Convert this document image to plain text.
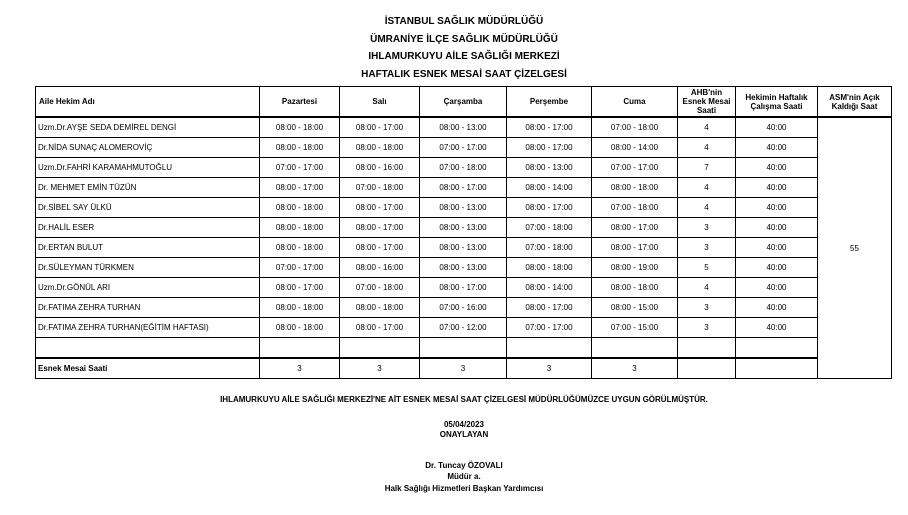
İSTANBUL SAĞLIK MÜDÜRLÜĞÜ
ÜMRANİYE İLÇE SAĞLIK MÜDÜRLÜĞÜ
IHLAMURKUYU AİLE SAĞLIĞI MERKEZİ
HAFTALIK ESNEK MESAİ SAAT ÇİZELGESİ
Aile Hekim Adı	Pazartesi	Salı	Çarşamba	Perşembe	Cuma	AHB'nin Esnek Mesai Saati	Hekimin Haftalık Çalışma Saati	ASM'nin Açık Kaldığı Saat
Uzm.Dr.AYŞE SEDA DEMİREL DENGİ	08:00 - 18:00	08:00 - 17:00	08:00 - 13:00	08:00 - 17:00	07:00 - 18:00	4	40:00	55
Dr.NİDA SUNAÇ ALOMEROVİÇ	08:00 - 18:00	08:00 - 18:00	07:00 - 17:00	08:00 - 17:00	08:00 - 14:00	4	40:00	
Uzm.Dr.FAHRİ KARAMAHMUTOĞLU	07:00 - 17:00	08:00 - 16:00	07:00 - 18:00	08:00 - 13:00	07:00 - 17:00	7	40:00	
Dr. MEHMET EMİN TÜZÜN	08:00 - 17:00	07:00 - 18:00	08:00 - 17:00	08:00 - 14:00	08:00 - 18:00	4	40:00	
Dr.SİBEL SAY ÜLKÜ	08:00 - 18:00	08:00 - 17:00	08:00 - 13:00	08:00 - 17:00	07:00 - 18:00	4	40:00	
Dr.HALİL ESER	08:00 - 18:00	08:00 - 17:00	08:00 - 13:00	07:00 - 18:00	08:00 - 17:00	3	40:00	
Dr.ERTAN BULUT	08:00 - 18:00	08:00 - 17:00	08:00 - 13:00	07:00 - 18:00	08:00 - 17:00	3	40:00	
Dr.SÜLEYMAN TÜRKMEN	07:00 - 17:00	08:00 - 16:00	08:00 - 13:00	08:00 - 18:00	08:00 - 19:00	5	40:00	
Uzm.Dr.GÖNÜL ARI	08:00 - 17:00	07:00 - 18:00	08:00 - 17:00	08:00 - 14:00	08:00 - 18:00	4	40:00	
Dr.FATIMA ZEHRA TURHAN	08:00 - 18:00	08:00 - 18:00	07:00 - 16:00	08:00 - 17:00	08:00 - 15:00	3	40:00	
Dr.FATIMA ZEHRA TURHAN(EĞİTİM HAFTASI)	08:00 - 18:00	08:00 - 17:00	07:00 - 12:00	07:00 - 17:00	07:00 - 15:00	3	40:00	

Esnek Mesai Saati	3	3	3	3	3			
IHLAMURKUYU AİLE SAĞLIĞI MERKEZİ'NE AİT ESNEK MESAİ SAAT ÇİZELGESİ MÜDÜRLÜĞÜMÜZCE UYGUN GÖRÜLMÜŞTÜR.
05/04/2023
ONAYLAYAN
Dr. Tuncay ÖZOVALI
Müdür a.
Halk Sağlığı Hizmetleri Başkan Yardımcısı
